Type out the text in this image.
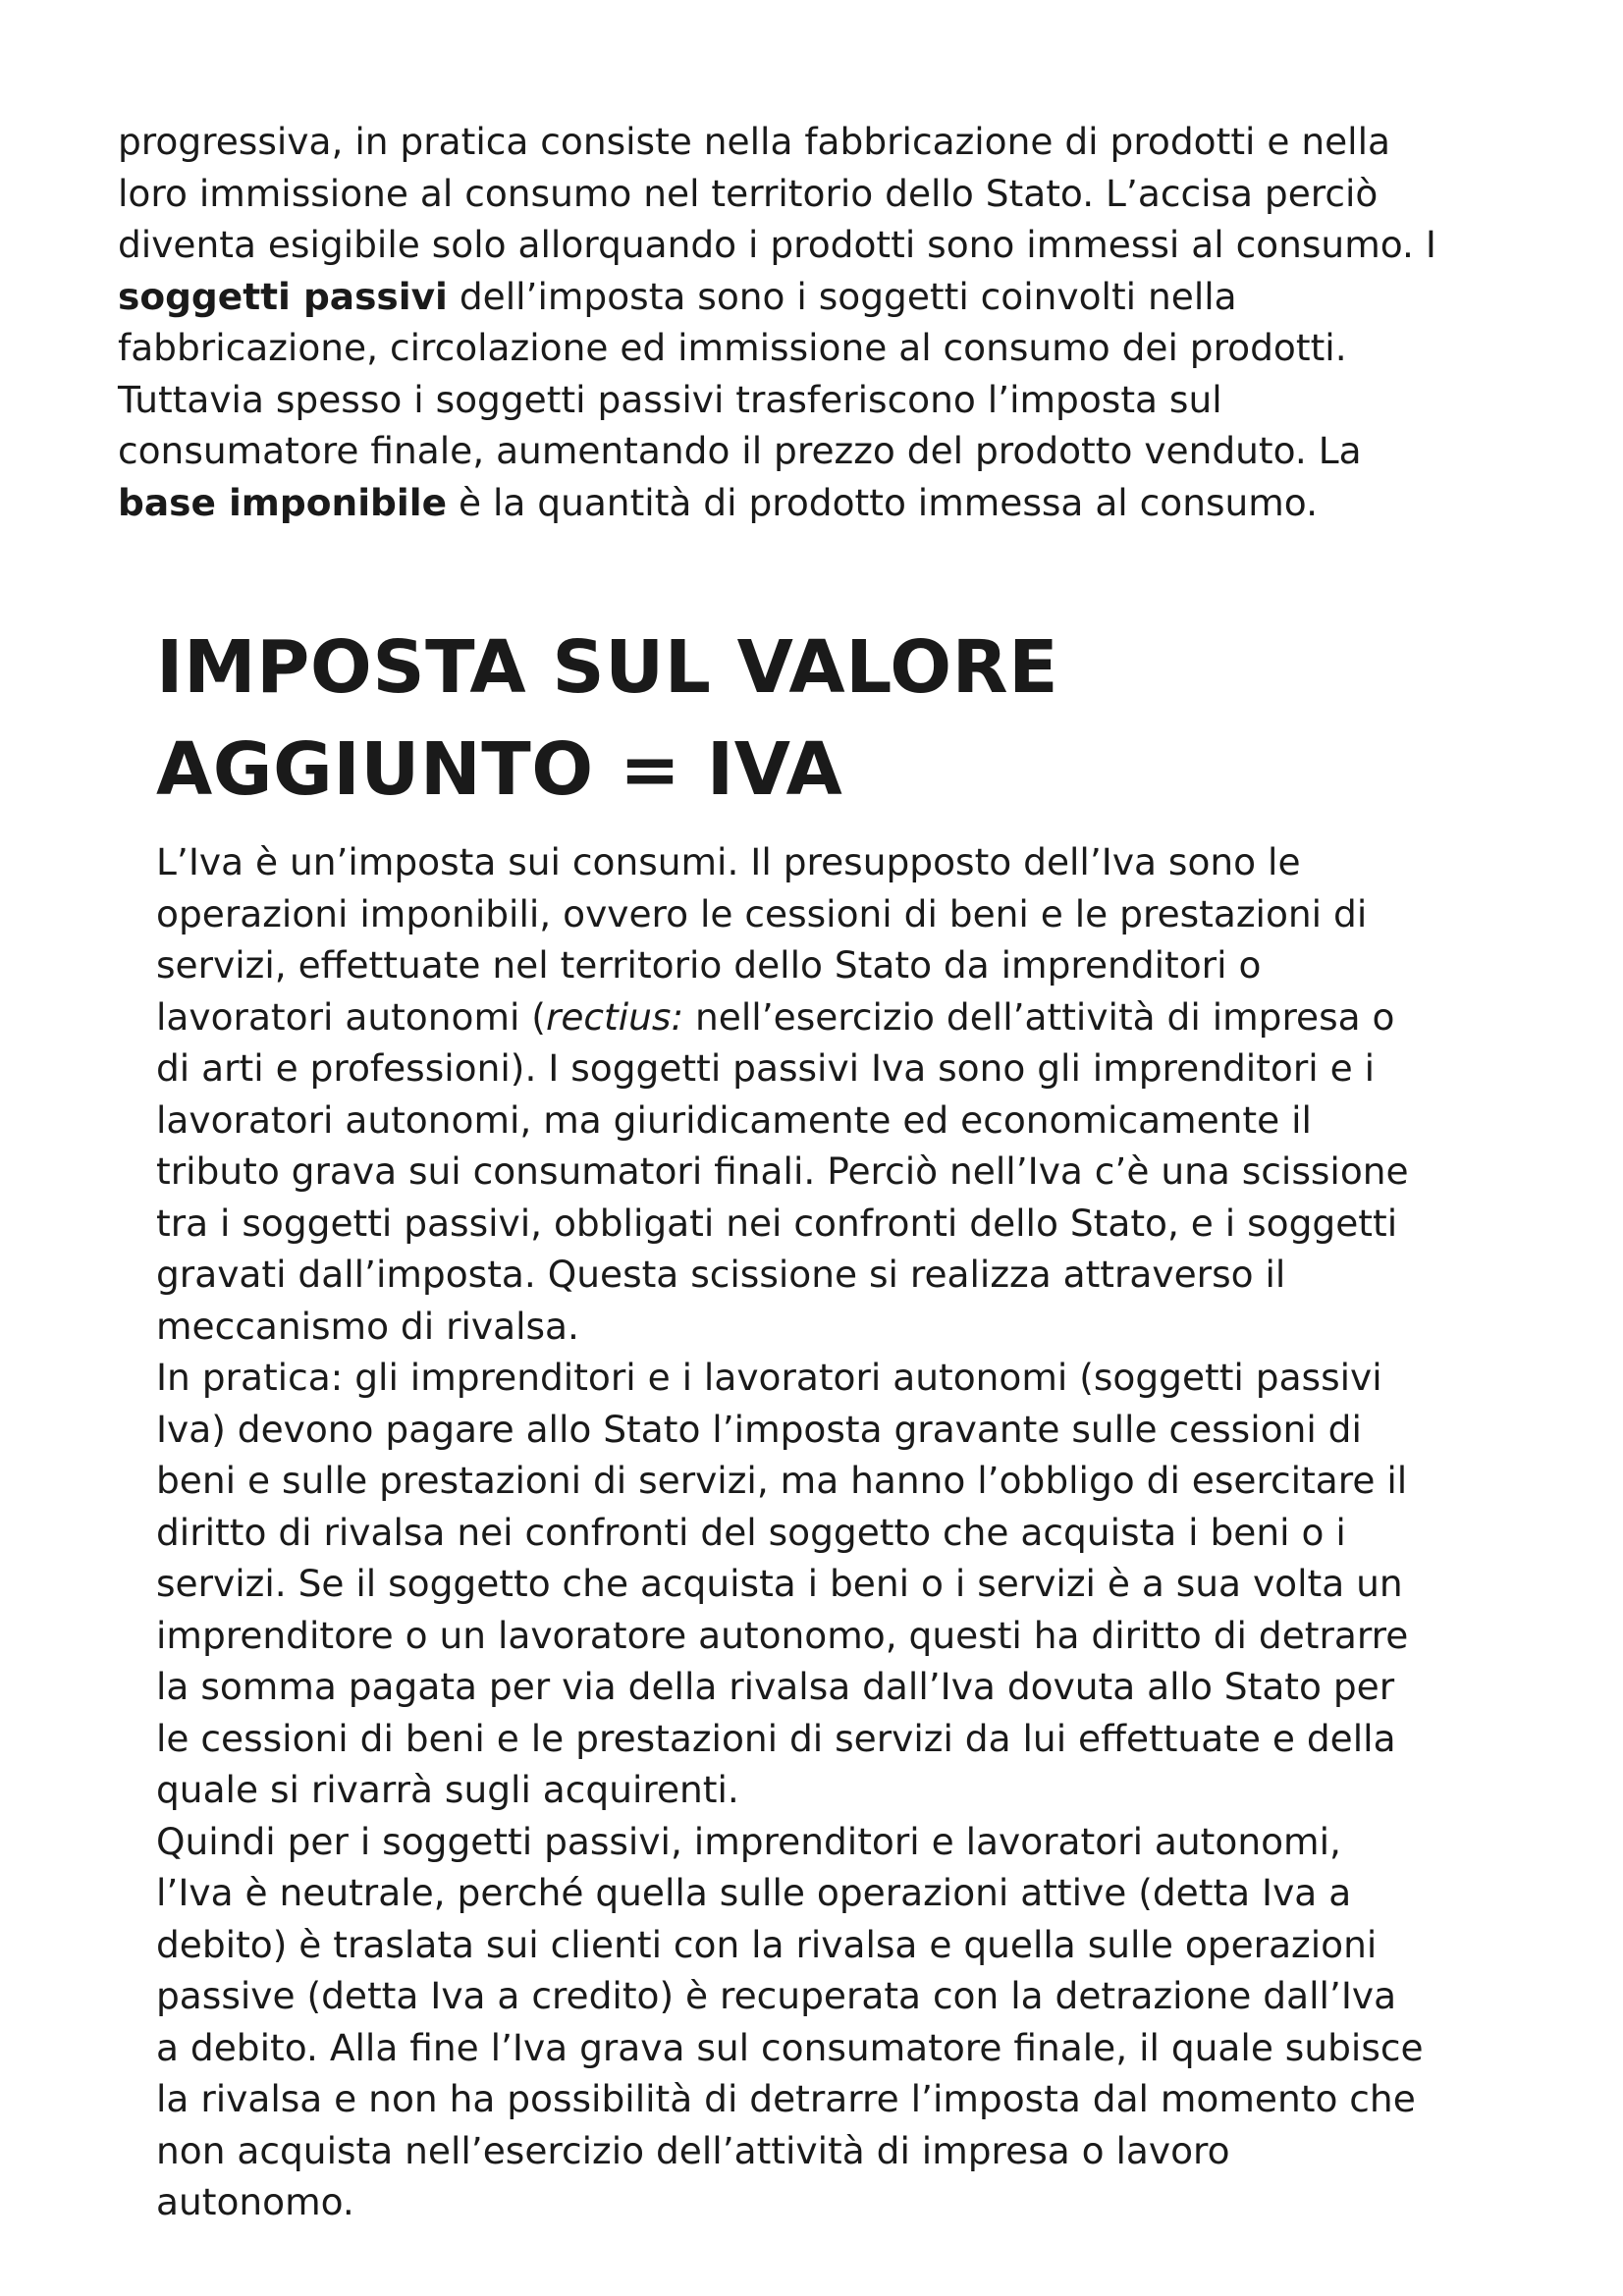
progressiva, in pratica consiste nella fabbricazione di prodotti e nella
loro immissione al consumo nel territorio dello Stato. L’accisa perciò
diventa esigibile solo allorquando i prodotti sono immessi al consumo. I
soggetti passivi dell’imposta sono i soggetti coinvolti nella
fabbricazione, circolazione ed immissione al consumo dei prodotti.
Tuttavia spesso i soggetti passivi trasferiscono l’imposta sul
consumatore finale, aumentando il prezzo del prodotto venduto. La
base imponibile è la quantità di prodotto immessa al consumo.
IMPOSTA SUL VALORE
AGGIUNTO = IVA
L’Iva è un’imposta sui consumi. Il presupposto dell’Iva sono le
operazioni imponibili, ovvero le cessioni di beni e le prestazioni di
servizi, effettuate nel territorio dello Stato da imprenditori o
lavoratori autonomi (rectius: nell’esercizio dell’attività di impresa o
di arti e professioni). I soggetti passivi Iva sono gli imprenditori e i
lavoratori autonomi, ma giuridicamente ed economicamente il
tributo grava sui consumatori finali. Perciò nell’Iva c’è una scissione
tra i soggetti passivi, obbligati nei confronti dello Stato, e i soggetti
gravati dall’imposta. Questa scissione si realizza attraverso il
meccanismo di rivalsa.
In pratica: gli imprenditori e i lavoratori autonomi (soggetti passivi
Iva) devono pagare allo Stato l’imposta gravante sulle cessioni di
beni e sulle prestazioni di servizi, ma hanno l’obbligo di esercitare il
diritto di rivalsa nei confronti del soggetto che acquista i beni o i
servizi. Se il soggetto che acquista i beni o i servizi è a sua volta un
imprenditore o un lavoratore autonomo, questi ha diritto di detrarre
la somma pagata per via della rivalsa dall’Iva dovuta allo Stato per
le cessioni di beni e le prestazioni di servizi da lui effettuate e della
quale si rivarrà sugli acquirenti.
Quindi per i soggetti passivi, imprenditori e lavoratori autonomi,
l’Iva è neutrale, perché quella sulle operazioni attive (detta Iva a
debito) è traslata sui clienti con la rivalsa e quella sulle operazioni
passive (detta Iva a credito) è recuperata con la detrazione dall’Iva
a debito. Alla fine l’Iva grava sul consumatore finale, il quale subisce
la rivalsa e non ha possibilità di detrarre l’imposta dal momento che
non acquista nell’esercizio dell’attività di impresa o lavoro
autonomo.
